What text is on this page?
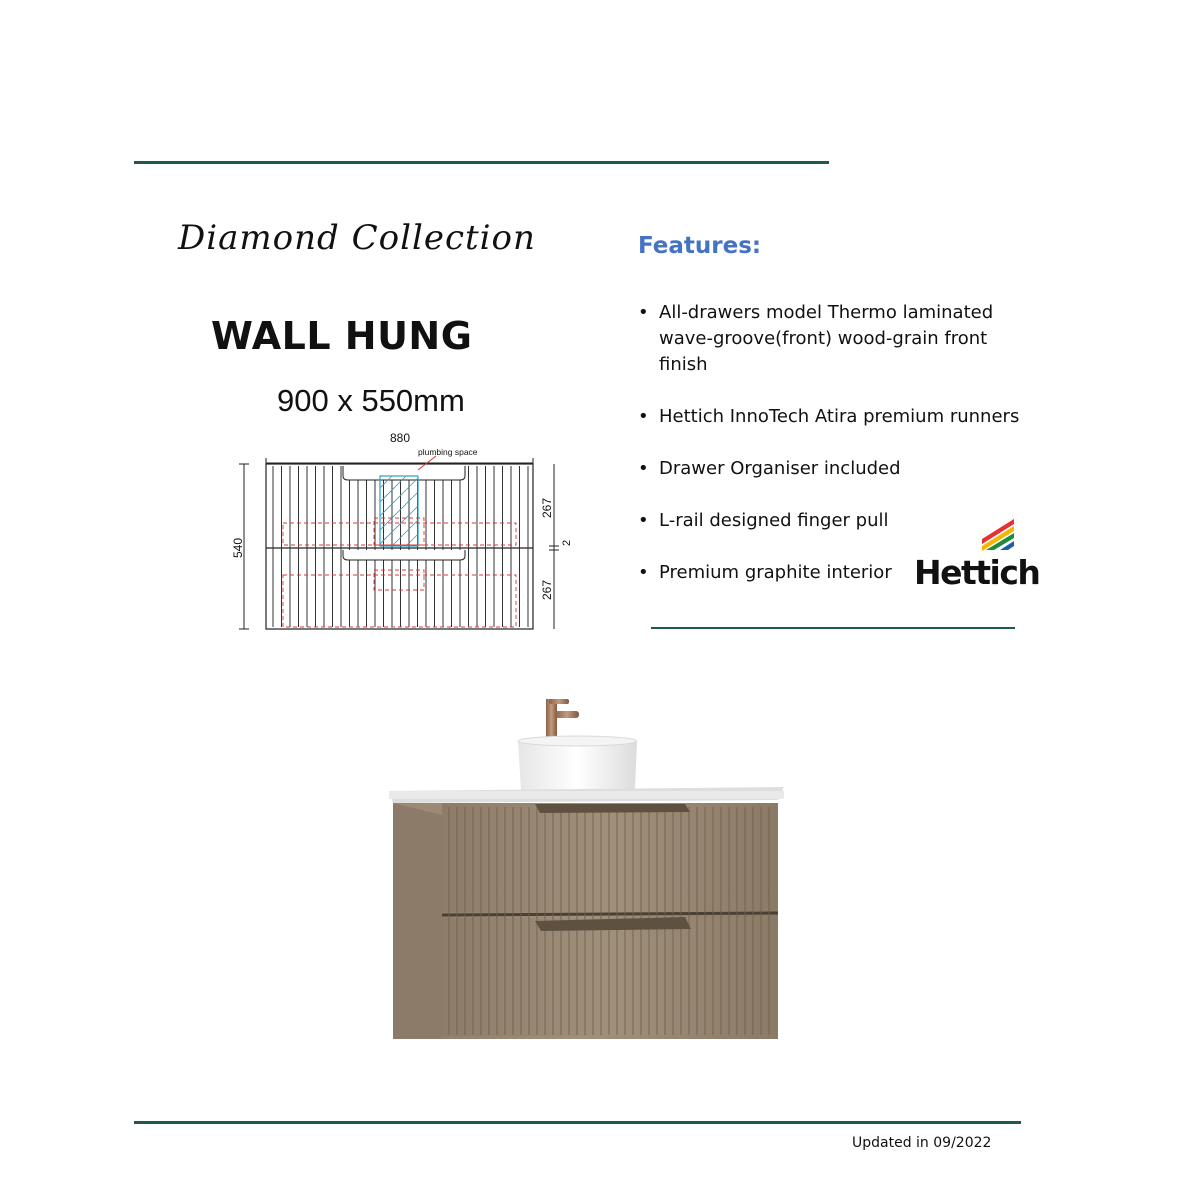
Diamond Collection
WALL HUNG
900 x 550mm
880
plumbing space
540
267
267
2
Features:
• All-drawers model Thermo laminated wave-groove(front) wood-grain front finish
• Hettich InnoTech Atira premium runners
• Drawer Organiser included
• L-rail designed finger pull
• Premium graphite interior Hettich
Updated in 09/2022
